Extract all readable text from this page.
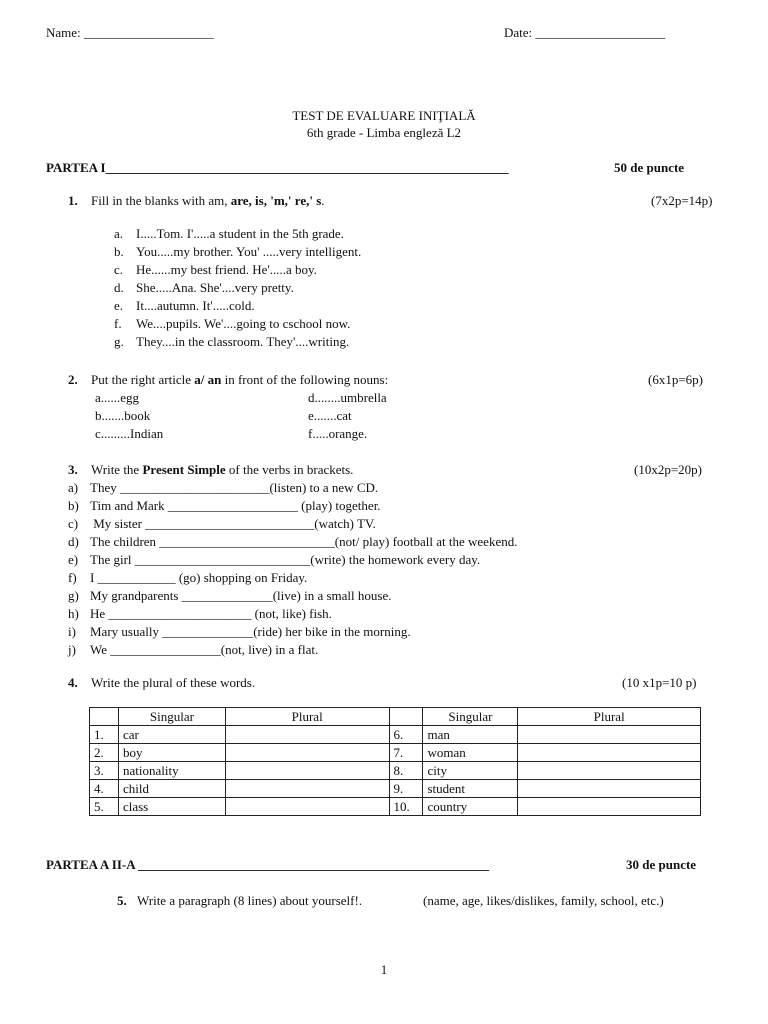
Name: ____________________	Date: ____________________
TEST DE EVALUARE INIŢIALĂ
6th grade - Limba engleză L2
PARTEA I______________________________________________________________	50 de puncte
1. Fill in the blanks with am, are, is, 'm,' re,' s.	(7x2p=14p)
a. I.....Tom. I'.....a student in the 5th grade.
b. You.....my brother. You' .....very intelligent.
c. He......my best friend. He'.....a boy.
d. She.....Ana. She'....very pretty.
e. It....autumn. It'.....cold.
f. We....pupils. We'....going to cschool now.
g. They....in the classroom. They'....writing.
2. Put the right article a/ an in front of the following nouns:	(6x1p=6p)
a......egg
b.......book
c.........Indian
d........umbrella
e.......cat
f.....orange.
3. Write the Present Simple of the verbs in brackets.	(10x2p=20p)
a) They _______________________(listen) to a new CD.
b) Tim and Mark ____________________ (play) together.
c) My sister __________________________(watch) TV.
d) The children ___________________________(not/ play) football at the weekend.
e) The girl ___________________________(write) the homework every day.
f) I ____________ (go) shopping on Friday.
g) My grandparents ______________(live) in a small house.
h) He ______________________ (not, like) fish.
i) Mary usually ______________(ride) her bike in the morning.
j) We _________________(not, live) in a flat.
4. Write the plural of these words.	(10 x1p=10 p)
	Singular	Plural		Singular	Plural
1.	car		6.	man	
2.	boy		7.	woman	
3.	nationality		8.	city	
4.	child		9.	student	
5.	class		10.	country	
PARTEA A II-A ______________________________________________________	30 de puncte
5. Write a paragraph (8 lines) about yourself!.	(name, age, likes/dislikes, family, school, etc.)
1
